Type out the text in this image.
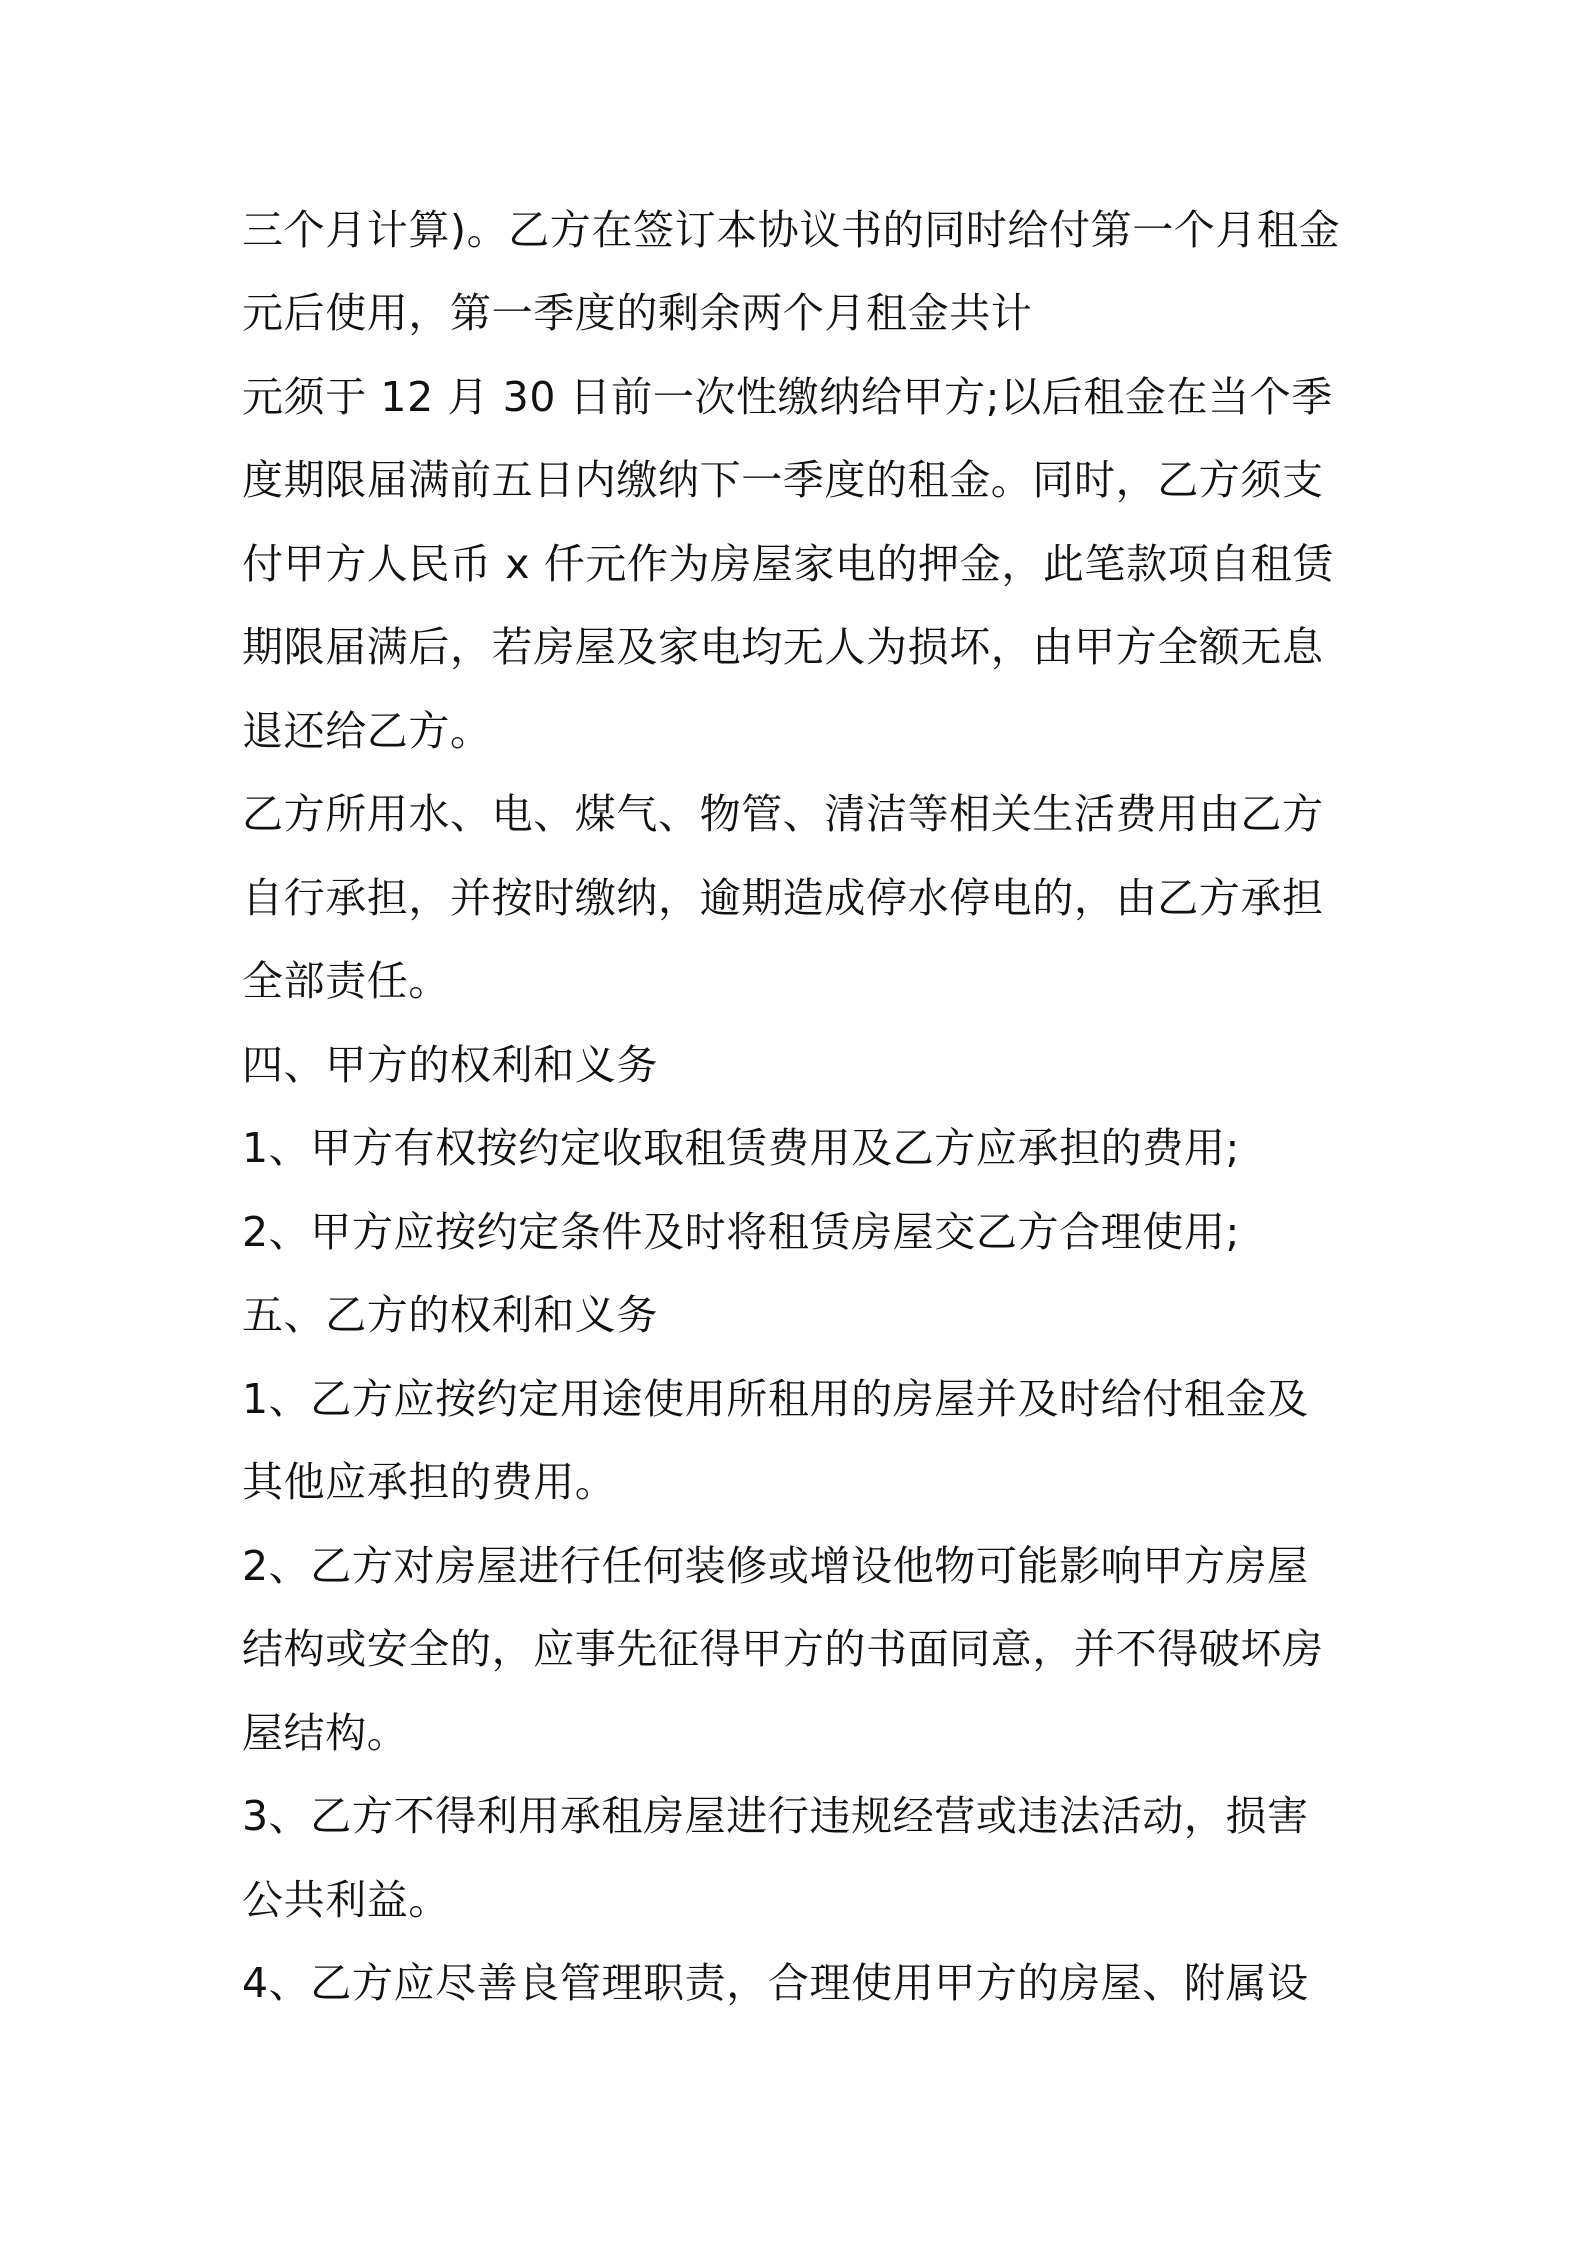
三个月计算)。乙方在签订本协议书的同时给付第一个月租金
元后使用，第一季度的剩余两个月租金共计
元须于 12 月 30 日前一次性缴纳给甲方;以后租金在当个季
度期限届满前五日内缴纳下一季度的租金。同时，乙方须支
付甲方人民币 x 仟元作为房屋家电的押金，此笔款项自租赁
期限届满后，若房屋及家电均无人为损坏，由甲方全额无息
退还给乙方。
乙方所用水、电、煤气、物管、清洁等相关生活费用由乙方
自行承担，并按时缴纳，逾期造成停水停电的，由乙方承担
全部责任。
四、甲方的权利和义务
1、甲方有权按约定收取租赁费用及乙方应承担的费用;
2、甲方应按约定条件及时将租赁房屋交乙方合理使用;
五、乙方的权利和义务
1、乙方应按约定用途使用所租用的房屋并及时给付租金及
其他应承担的费用。
2、乙方对房屋进行任何装修或增设他物可能影响甲方房屋
结构或安全的，应事先征得甲方的书面同意，并不得破坏房
屋结构。
3、乙方不得利用承租房屋进行违规经营或违法活动，损害
公共利益。
4、乙方应尽善良管理职责，合理使用甲方的房屋、附属设
